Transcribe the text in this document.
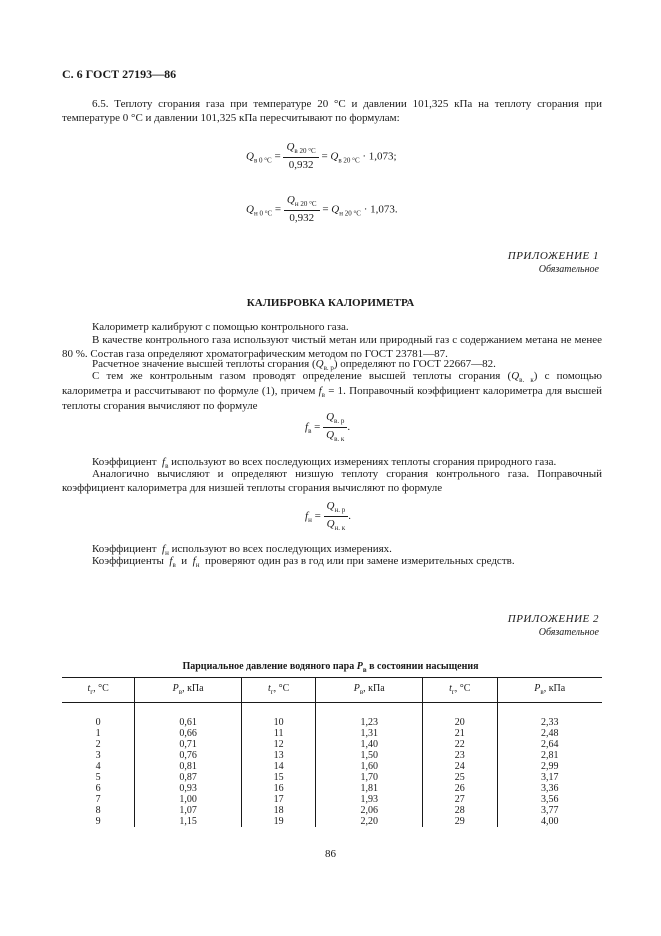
С. 6 ГОСТ 27193—86
6.5. Теплоту сгорания газа при температуре 20 °С и давлении 101,325 кПа на теплоту сгорания при температуре 0 °С и давлении 101,325 кПа пересчитывают по формулам:
$Q_{в 0 ^\circ С} = \frac{Q_{в 20 ^\circ С}}{0,932} = Q_{в 20 ^\circ С} \cdot 1,073$;
$Q_{н 0 ^\circ С} = \frac{Q_{н 20 ^\circ С}}{0,932} = Q_{н 20 ^\circ С} \cdot 1,073$.
ПРИЛОЖЕНИЕ 1
Обязательное
КАЛИБРОВКА КАЛОРИМЕТРА
Калориметр калибруют с помощью контрольного газа.
В качестве контрольного газа используют чистый метан или природный газ с содержанием метана не менее 80 %. Состав газа определяют хроматографическим методом по ГОСТ 23781—87.
Расчетное значение высшей теплоты сгорания $(Q_{в. р})$ определяют по ГОСТ 22667—82.
С тем же контрольным газом проводят определение высшей теплоты сгорания $(Q_{в. к})$ с помощью калориметра и рассчитывают по формуле (1), причем $f_в = 1$. Поправочный коэффициент калориметра для высшей теплоты сгорания вычисляют по формуле
$f_в = \frac{Q_{в. р}}{Q_{в. к}}$ .
Коэффициент $f_в$ используют во всех последующих измерениях теплоты сгорания природного газа.
Аналогично вычисляют и определяют низшую теплоту сгорания контрольного газа. Поправочный коэффициент калориметра для низшей теплоты сгорания вычисляют по формуле
$f_н = \frac{Q_{н. р}}{Q_{н. к}}$ .
Коэффициент $f_н$ используют во всех последующих измерениях.
Коэффициенты $f_в$ и $f_н$ проверяют один раз в год или при замене измерительных средств.
ПРИЛОЖЕНИЕ 2
Обязательное
Парциальное давление водяного пара $P_в$ в состоянии насыщения
$t_г$, °С	$P_в$, кПа	$t_г$, °С	$P_в$, кПа	$t_г$, °С	$P_в$, кПа
0	0,61	10	1,23	20	2,33
1	0,66	11	1,31	21	2,48
2	0,71	12	1,40	22	2,64
3	0,76	13	1,50	23	2,81
4	0,81	14	1,60	24	2,99
5	0,87	15	1,70	25	3,17
6	0,93	16	1,81	26	3,36
7	1,00	17	1,93	27	3,56
8	1,07	18	2,06	28	3,77
9	1,15	19	2,20	29	4,00
86
